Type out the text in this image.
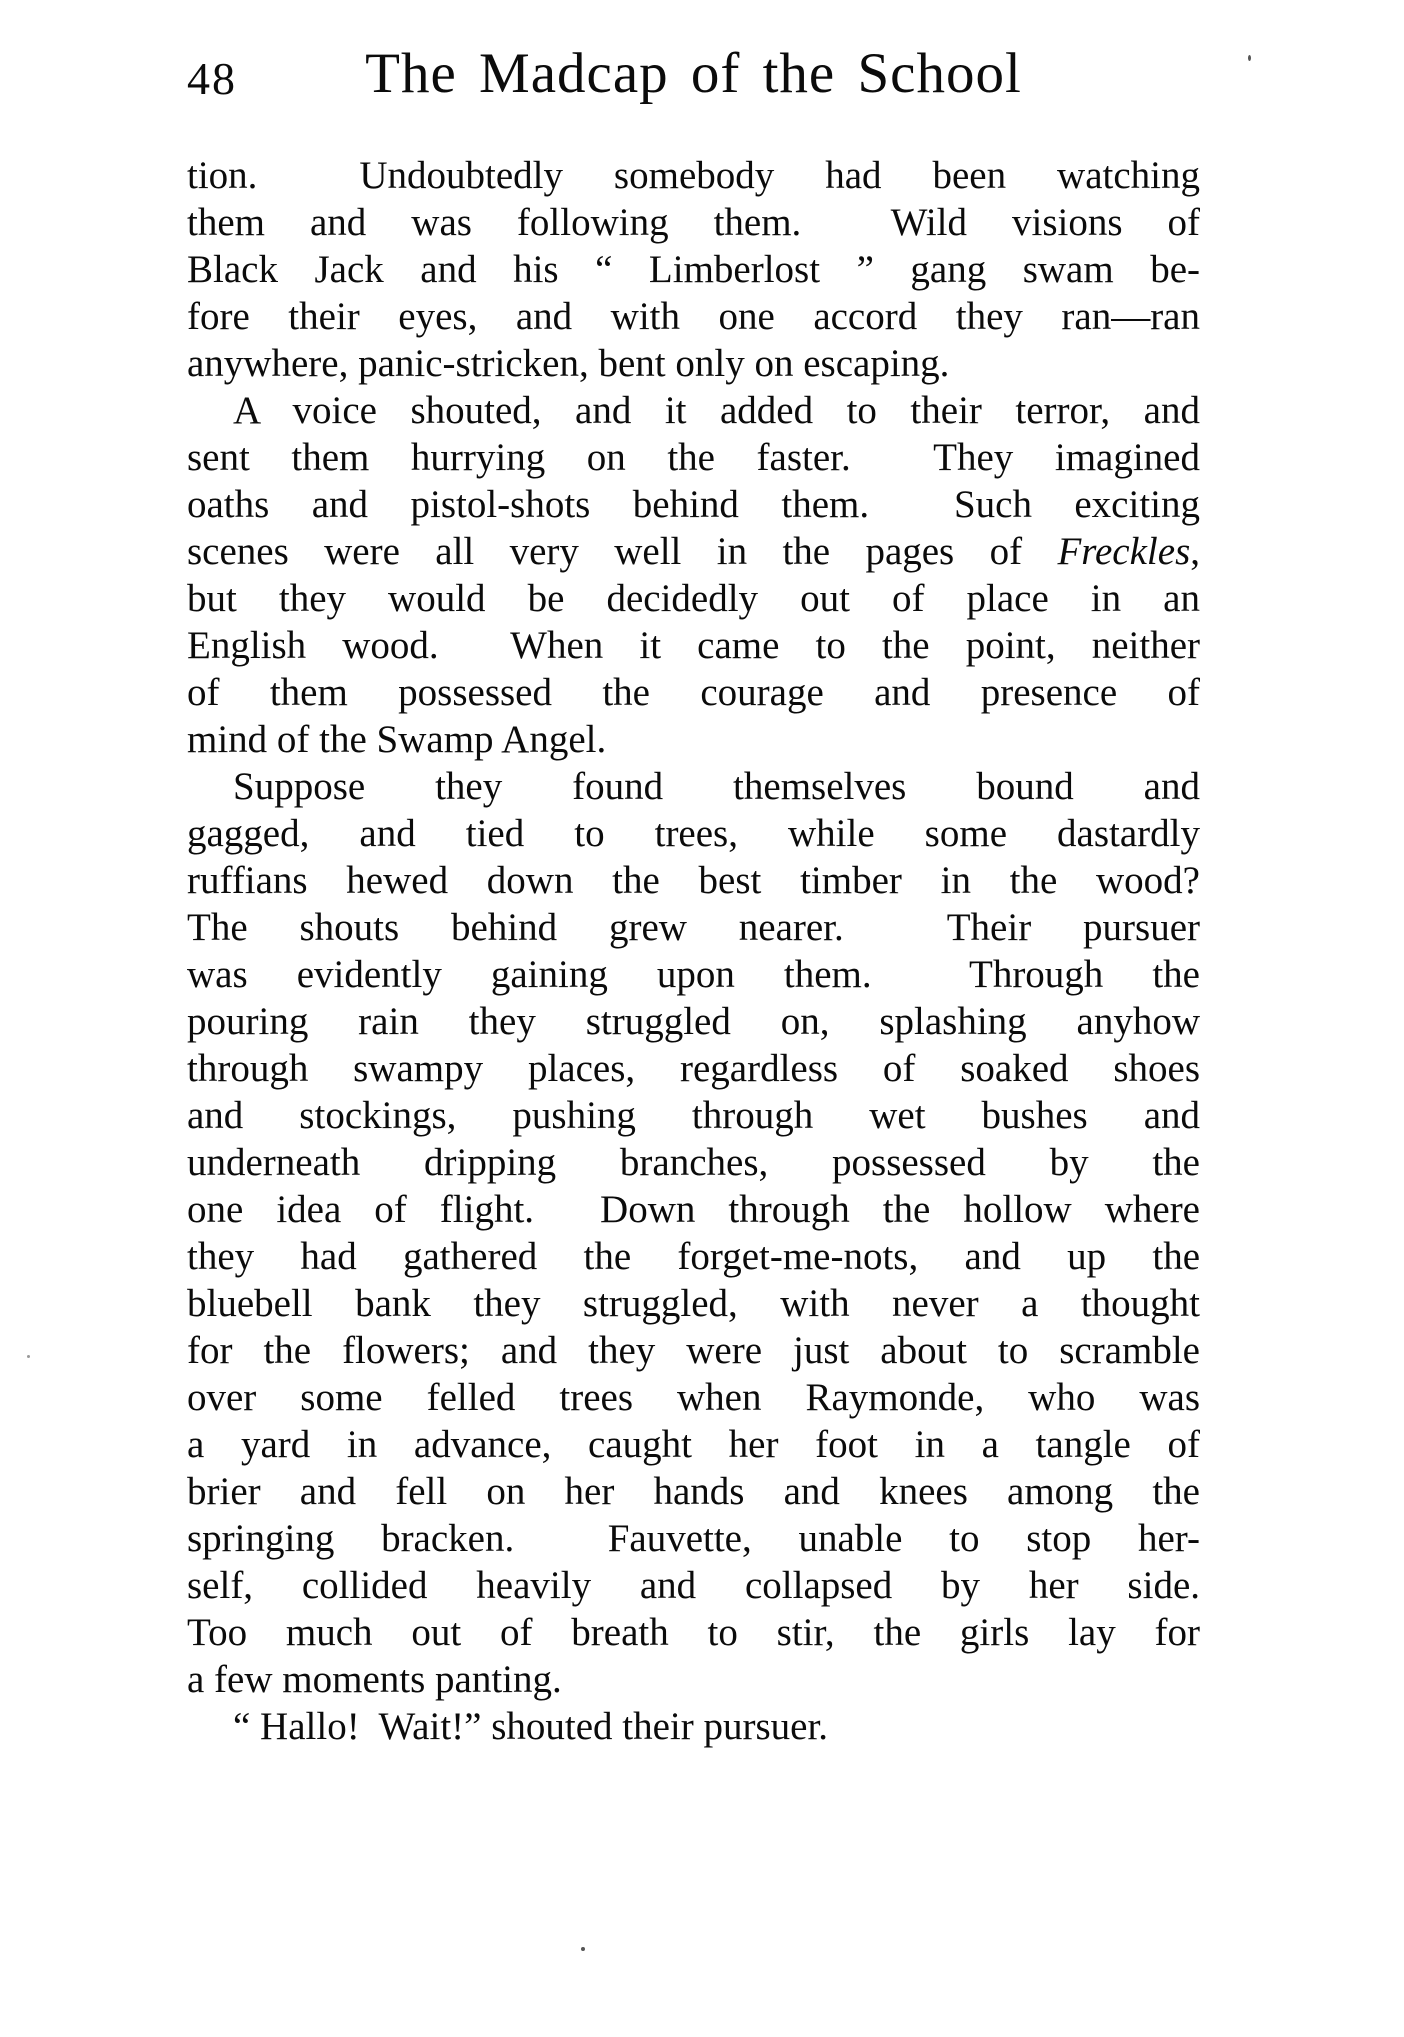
48	The Madcap of the School
tion.  Undoubtedly somebody had been watching
them and was following them.  Wild visions of
Black Jack and his “ Limberlost ” gang swam be-
fore their eyes, and with one accord they ran—ran
anywhere, panic-stricken, bent only on escaping.
A voice shouted, and it added to their terror, and
sent them hurrying on the faster.  They imagined
oaths and pistol-shots behind them.  Such exciting
scenes were all very well in the pages of Freckles,
but they would be decidedly out of place in an
English wood.  When it came to the point, neither
of them possessed the courage and presence of
mind of the Swamp Angel.
Suppose they found themselves bound and
gagged, and tied to trees, while some dastardly
ruffians hewed down the best timber in the wood?
The shouts behind grew nearer.  Their pursuer
was evidently gaining upon them.  Through the
pouring rain they struggled on, splashing anyhow
through swampy places, regardless of soaked shoes
and stockings, pushing through wet bushes and
underneath dripping branches, possessed by the
one idea of flight.  Down through the hollow where
they had gathered the forget-me-nots, and up the
bluebell bank they struggled, with never a thought
for the flowers; and they were just about to scramble
over some felled trees when Raymonde, who was
a yard in advance, caught her foot in a tangle of
brier and fell on her hands and knees among the
springing bracken.  Fauvette, unable to stop her-
self, collided heavily and collapsed by her side.
Too much out of breath to stir, the girls lay for
a few moments panting.
“ Hallo!  Wait!” shouted their pursuer.
